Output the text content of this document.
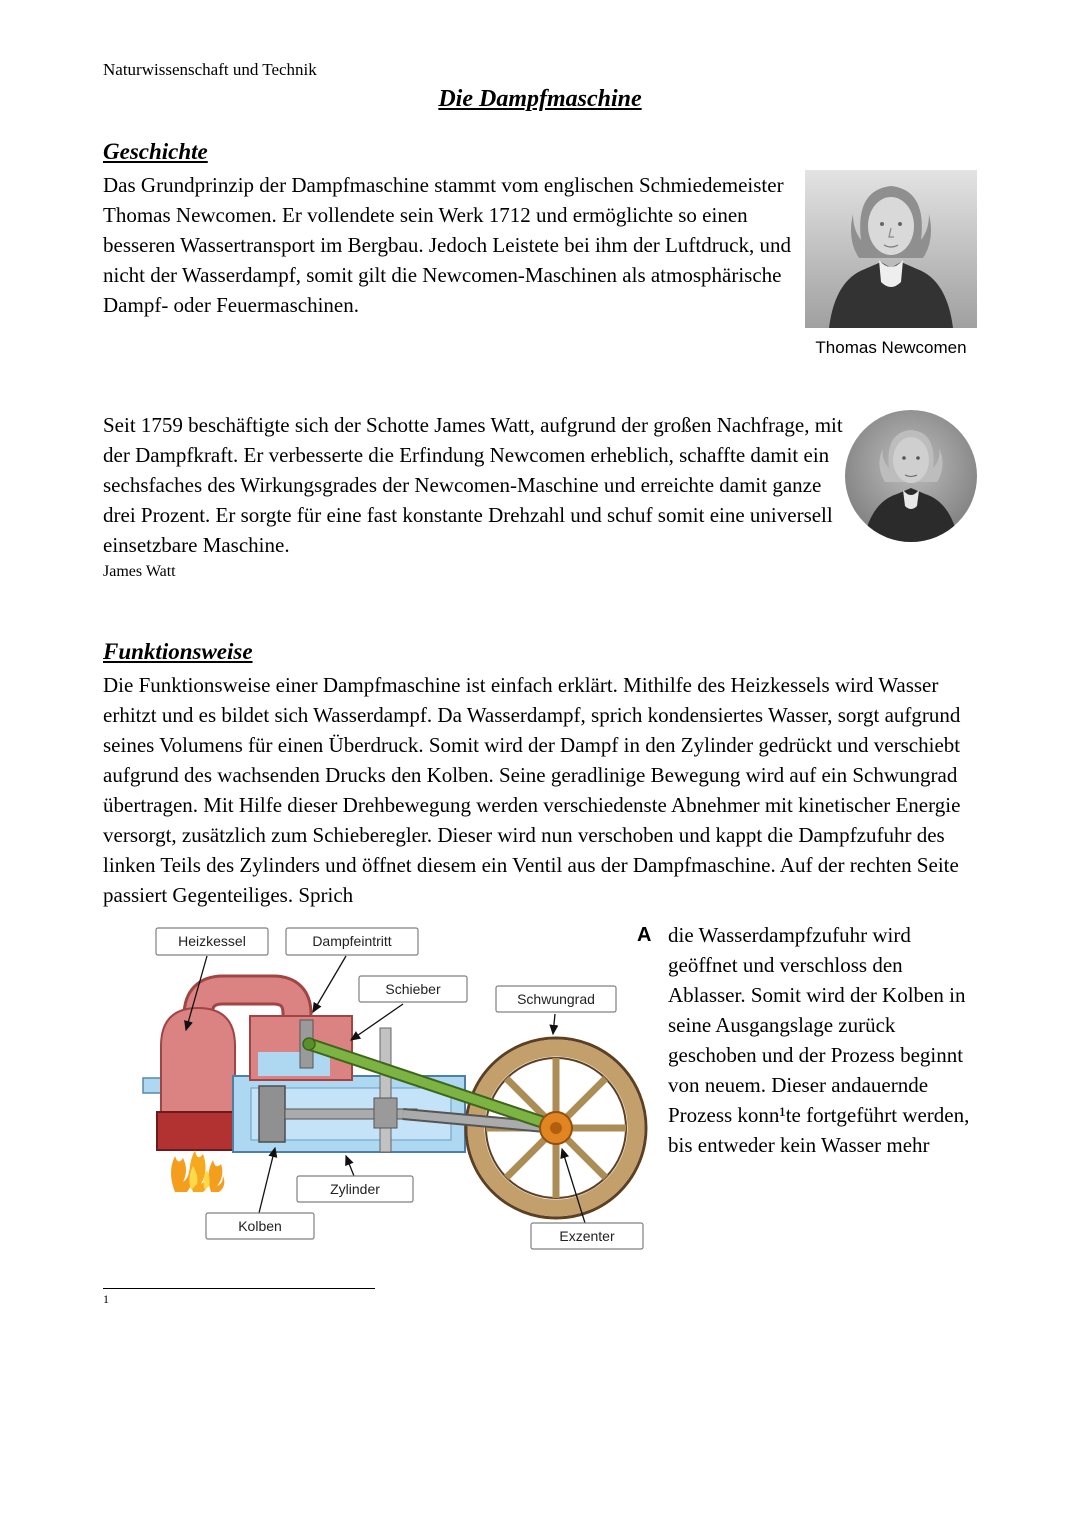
Naturwissenschaft und Technik
Die Dampfmaschine
Geschichte

Das Grundprinzip der Dampfmaschine stammt vom englischen Schmiedemeister Thomas Newcomen. Er vollendete sein Werk 1712 und ermöglichte so einen besseren Wassertransport im Bergbau. Jedoch Leistete bei ihm der Luftdruck, und nicht der Wasserdampf, somit gilt die Newcomen-Maschinen als atmosphärische Dampf- oder Feuermaschinen.

Thomas Newcomen

Seit 1759 beschäftigte sich der Schotte James Watt, aufgrund der großen Nachfrage, mit der Dampfkraft. Er verbesserte die Erfindung Newcomen erheblich, schaffte damit ein sechsfaches des Wirkungsgrades der Newcomen-Maschine und erreichte damit ganze drei Prozent. Er sorgte für eine fast konstante Drehzahl und schuf somit eine universell einsetzbare Maschine.

James Watt
Funktionsweise

Die Funktionsweise einer Dampfmaschine ist einfach erklärt. Mithilfe des Heizkessels wird Wasser erhitzt und es bildet sich Wasserdampf. Da Wasserdampf, sprich kondensiertes Wasser, sorgt aufgrund seines Volumens für einen Überdruck. Somit wird der Dampf in den Zylinder gedrückt und verschiebt aufgrund des wachsenden Drucks den Kolben. Seine geradlinige Bewegung wird auf ein Schwungrad übertragen. Mit Hilfe dieser Drehbewegung werden verschiedenste Abnehmer mit kinetischer Energie versorgt, zusätzlich zum Schieberegler. Dieser wird nun verschoben und kappt die Dampfzufuhr des linken Teils des Zylinders und öffnet diesem ein Ventil aus der Dampfmaschine. Auf der rechten Seite passiert Gegenteiliges. Sprich

Heizkessel	Dampfeintritt
Schieber
Schwungrad
Zylinder
Kolben
Exzenter
A die Wasserdampfzufuhr wird geöffnet und verschloss den Ablasser. Somit wird der Kolben in seine Ausgangslage zurück geschoben und der Prozess beginnt von neuem. Dieser andauernde Prozess konn¹te fortgeführt werden, bis entweder kein Wasser mehr

1
